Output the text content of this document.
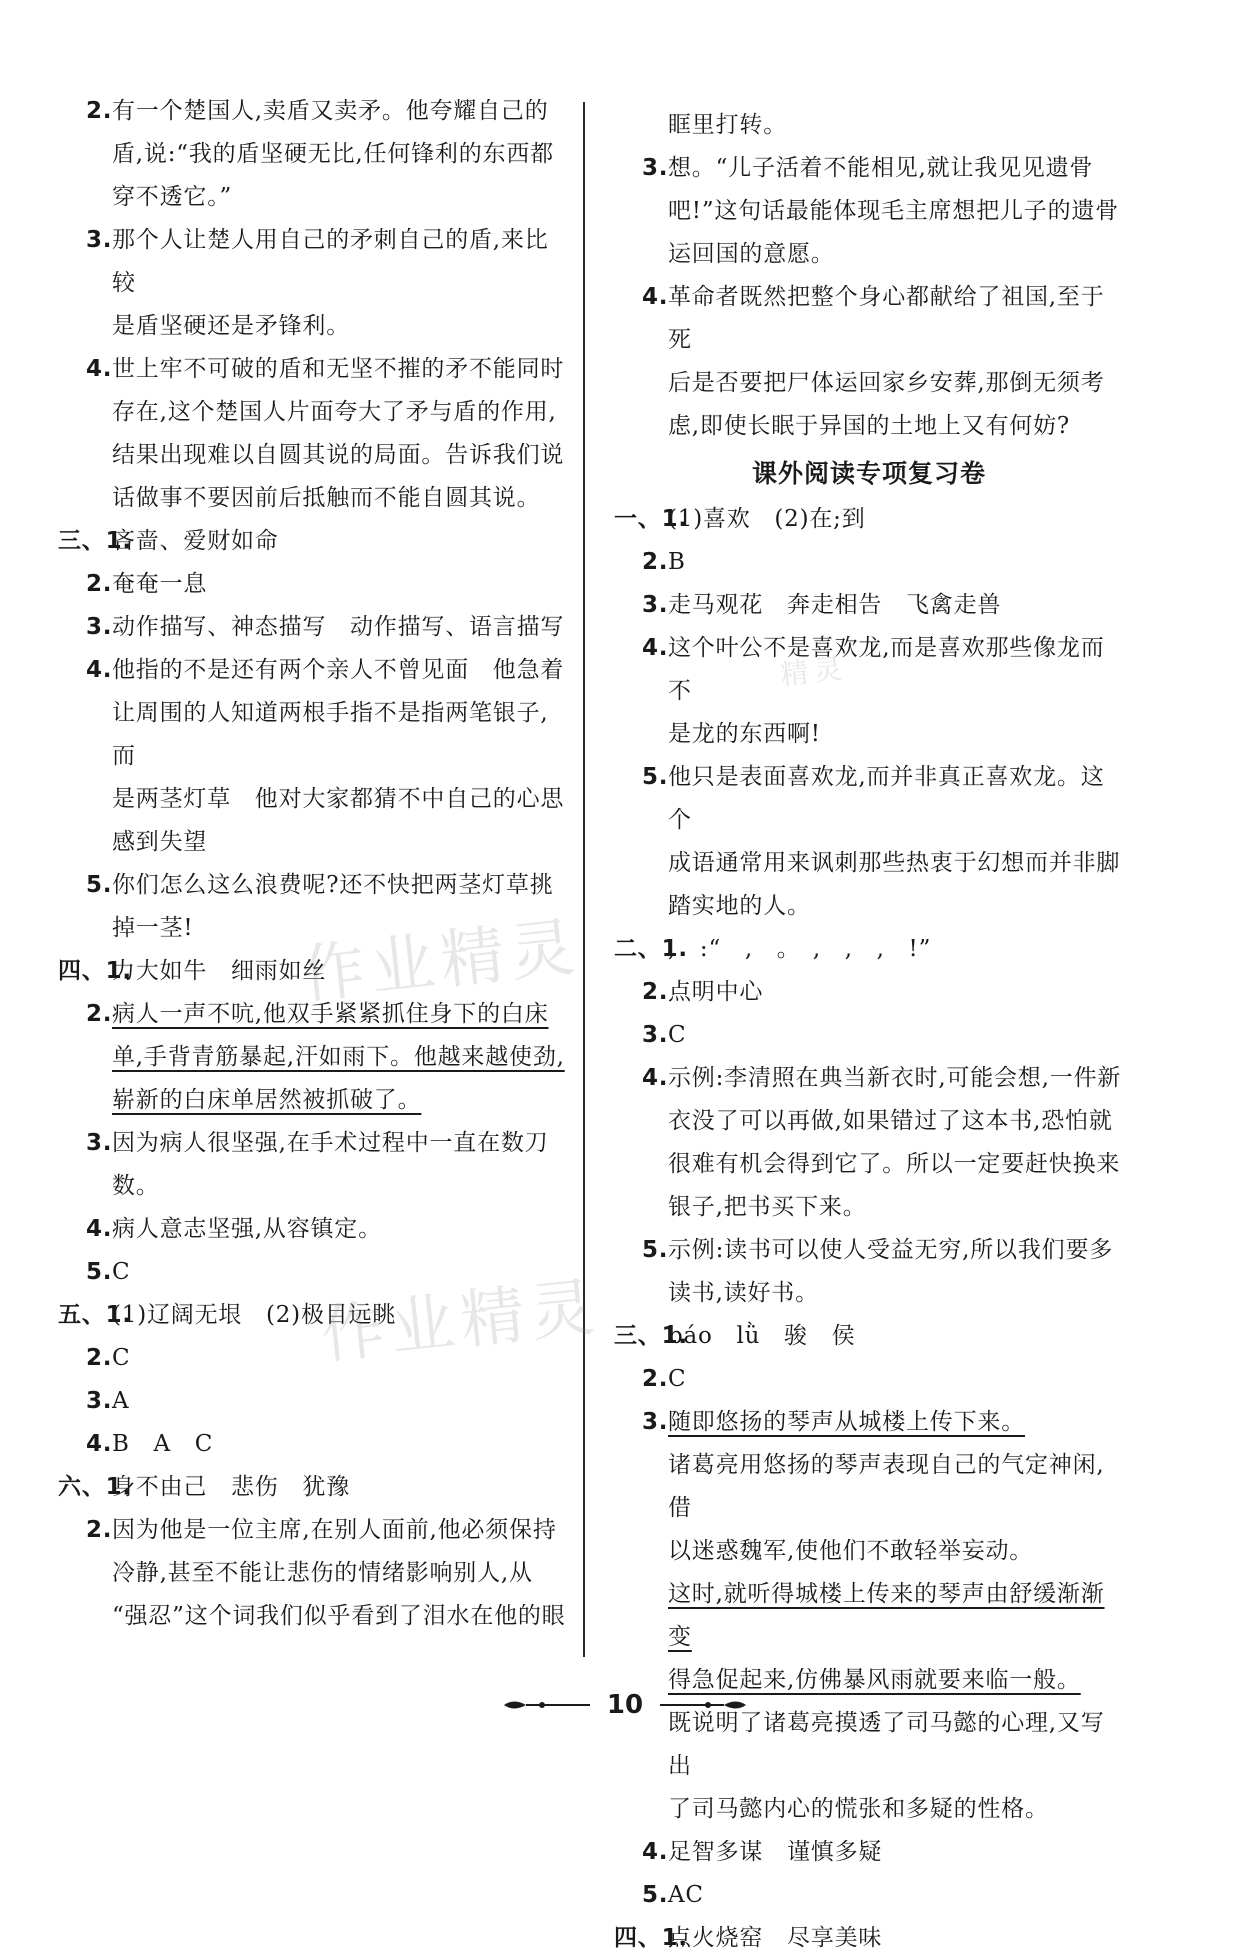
2. 有一个楚国人,卖盾又卖矛。他夸耀自己的
盾,说:“我的盾坚硬无比,任何锋利的东西都
穿不透它。”
3. 那个人让楚人用自己的矛刺自己的盾,来比较
是盾坚硬还是矛锋利。
4. 世上牢不可破的盾和无坚不摧的矛不能同时
存在,这个楚国人片面夸大了矛与盾的作用,
结果出现难以自圆其说的局面。告诉我们说
话做事不要因前后抵触而不能自圆其说。
三、1.
吝啬、爱财如命
2. 奄奄一息
3. 动作描写、神态描写　动作描写、语言描写
4. 他指的不是还有两个亲人不曾见面　他急着
让周围的人知道两根手指不是指两笔银子,而
是两茎灯草　他对大家都猜不中自己的心思
感到失望
5. 你们怎么这么浪费呢?还不快把两茎灯草挑
掉一茎!
四、1.
力大如牛　细雨如丝
2. 病人一声不吭,他双手紧紧抓住身下的白床
单,手背青筋暴起,汗如雨下。他越来越使劲,
崭新的白床单居然被抓破了。
3. 因为病人很坚强,在手术过程中一直在数刀
数。
4. 病人意志坚强,从容镇定。
5. C
五、1.
(1)辽阔无垠　(2)极目远眺
2. C
3. A
4. B　A　C
六、1.
身不由己　悲伤　犹豫
2. 因为他是一位主席,在别人面前,他必须保持
冷静,甚至不能让悲伤的情绪影响别人,从
“强忍”这个词我们似乎看到了泪水在他的眼
眶里打转。
3. 想。“儿子活着不能相见,就让我见见遗骨
吧!”这句话最能体现毛主席想把儿子的遗骨
运回国的意愿。
4. 革命者既然把整个身心都献给了祖国,至于死
后是否要把尸体运回家乡安葬,那倒无须考
虑,即使长眠于异国的土地上又有何妨?
课外阅读专项复习卷
一、1.
(1)喜欢　(2)在;到
2. B
3. 走马观花　奔走相告　飞禽走兽
4. 这个叶公不是喜欢龙,而是喜欢那些像龙而不
是龙的东西啊!
5. 他只是表面喜欢龙,而并非真正喜欢龙。这个
成语通常用来讽刺那些热衷于幻想而并非脚
踏实地的人。
二、1.
,　:“　,　。　,　,　,　!”
2. 点明中心
3. C
4. 示例:李清照在典当新衣时,可能会想,一件新
衣没了可以再做,如果错过了这本书,恐怕就
很难有机会得到它了。所以一定要赶快换来
银子,把书买下来。
5. 示例:读书可以使人受益无穷,所以我们要多
读书,读好书。
三、1.
báo　lǜ　骏　侯
2. C
3. 随即悠扬的琴声从城楼上传下来。
诸葛亮用悠扬的琴声表现自己的气定神闲,借
以迷惑魏军,使他们不敢轻举妄动。
这时,就听得城楼上传来的琴声由舒缓渐渐变
得急促起来,仿佛暴风雨就要来临一般。
既说明了诸葛亮摸透了司马懿的心理,又写出
了司马懿内心的慌张和多疑的性格。
4. 足智多谋　谨慎多疑
5. AC
四、1.
点火烧窑　尽享美味
作业精灵
作业精灵
精灵
10
